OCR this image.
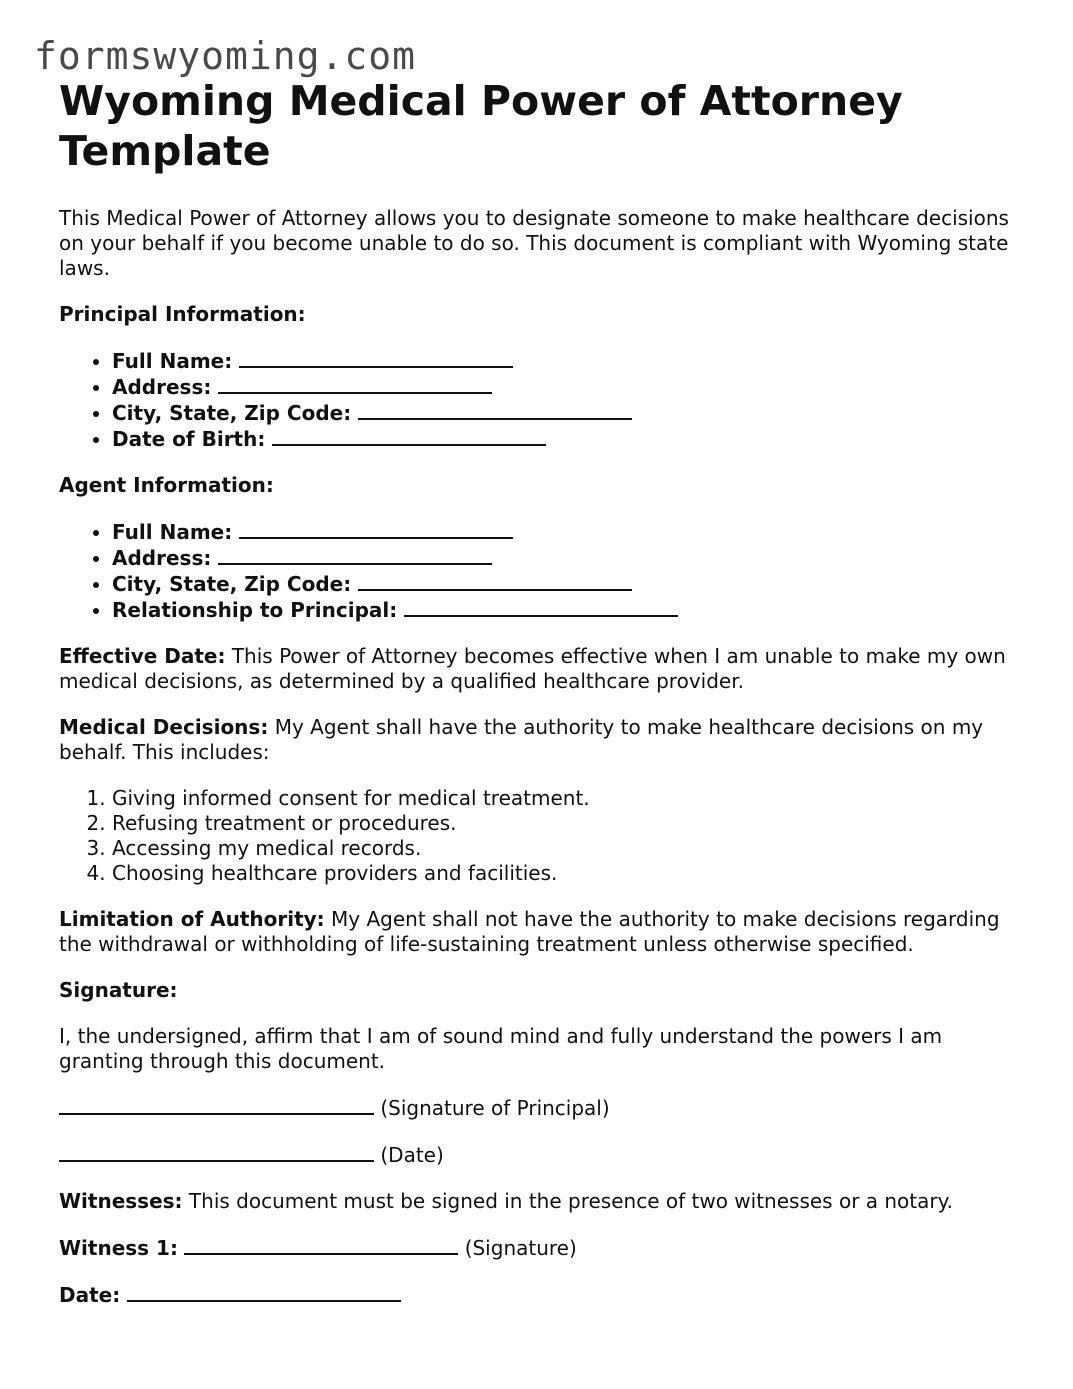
formswyoming.com
Wyoming Medical Power of Attorney Template

This Medical Power of Attorney allows you to designate someone to make healthcare decisions on your behalf if you become unable to do so. This document is compliant with Wyoming state laws.

Principal Information:

• Full Name:
• Address:
• City, State, Zip Code:
• Date of Birth:

Agent Information:

• Full Name:
• Address:
• City, State, Zip Code:
• Relationship to Principal:

Effective Date: This Power of Attorney becomes effective when I am unable to make my own medical decisions, as determined by a qualified healthcare provider.

Medical Decisions: My Agent shall have the authority to make healthcare decisions on my behalf. This includes:

1. Giving informed consent for medical treatment.
2. Refusing treatment or procedures.
3. Accessing my medical records.
4. Choosing healthcare providers and facilities.

Limitation of Authority: My Agent shall not have the authority to make decisions regarding the withdrawal or withholding of life-sustaining treatment unless otherwise specified.

Signature:

I, the undersigned, affirm that I am of sound mind and fully understand the powers I am granting through this document.

(Signature of Principal)

(Date)

Witnesses: This document must be signed in the presence of two witnesses or a notary.

Witness 1:	(Signature)

Date:
